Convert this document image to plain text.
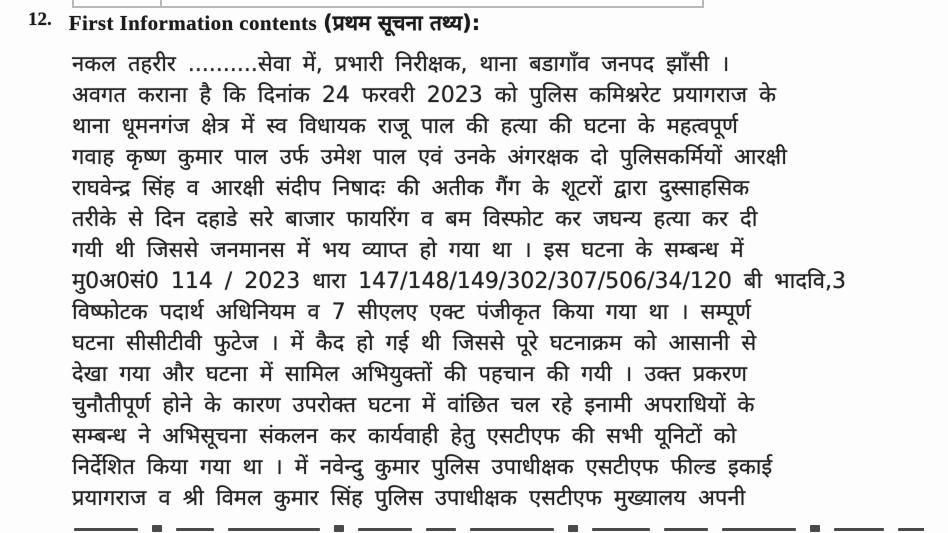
12. First Information contents (प्रथम सूचना तथ्य):
नकल तहरीर ..........सेवा में, प्रभारी निरीक्षक, थाना बडागाँव जनपद झाँसी ।
अवगत कराना है कि दिनांक 24 फरवरी 2023 को पुलिस कमिश्नरेट प्रयागराज के
थाना धूमनगंज क्षेत्र में स्व विधायक राजू पाल की हत्या की घटना के महत्वपूर्ण
गवाह कृष्ण कुमार पाल उर्फ उमेश पाल एवं उनके अंगरक्षक दो पुलिसकर्मियों आरक्षी
राघवेन्द्र सिंह व आरक्षी संदीप निषादः की अतीक गैंग के शूटरों द्वारा दुस्साहसिक
तरीके से दिन दहाडे सरे बाजार फायरिंग व बम विस्फोट कर जघन्य हत्या कर दी
गयी थी जिससे जनमानस में भय व्याप्त हो गया था । इस घटना के सम्बन्ध में
मु0अ0सं0 114 / 2023 धारा 147/148/149/302/307/506/34/120 बी भादवि,3
विष्फोटक पदार्थ अधिनियम व 7 सीएलए एक्ट पंजीकृत किया गया था । सम्पूर्ण
घटना सीसीटीवी फुटेज । में कैद हो गई थी जिससे पूरे घटनाक्रम को आसानी से
देखा गया और घटना में सामिल अभियुक्तों की पहचान की गयी । उक्त प्रकरण
चुनौतीपूर्ण होने के कारण उपरोक्त घटना में वांछित चल रहे इनामी अपराधियों के
सम्बन्ध ने अभिसूचना संकलन कर कार्यवाही हेतु एसटीएफ की सभी यूनिटों को
निर्देशित किया गया था । में नवेन्दु कुमार पुलिस उपाधीक्षक एसटीएफ फील्ड इकाई
प्रयागराज व श्री विमल कुमार सिंह पुलिस उपाधीक्षक एसटीएफ मुख्यालय अपनी
